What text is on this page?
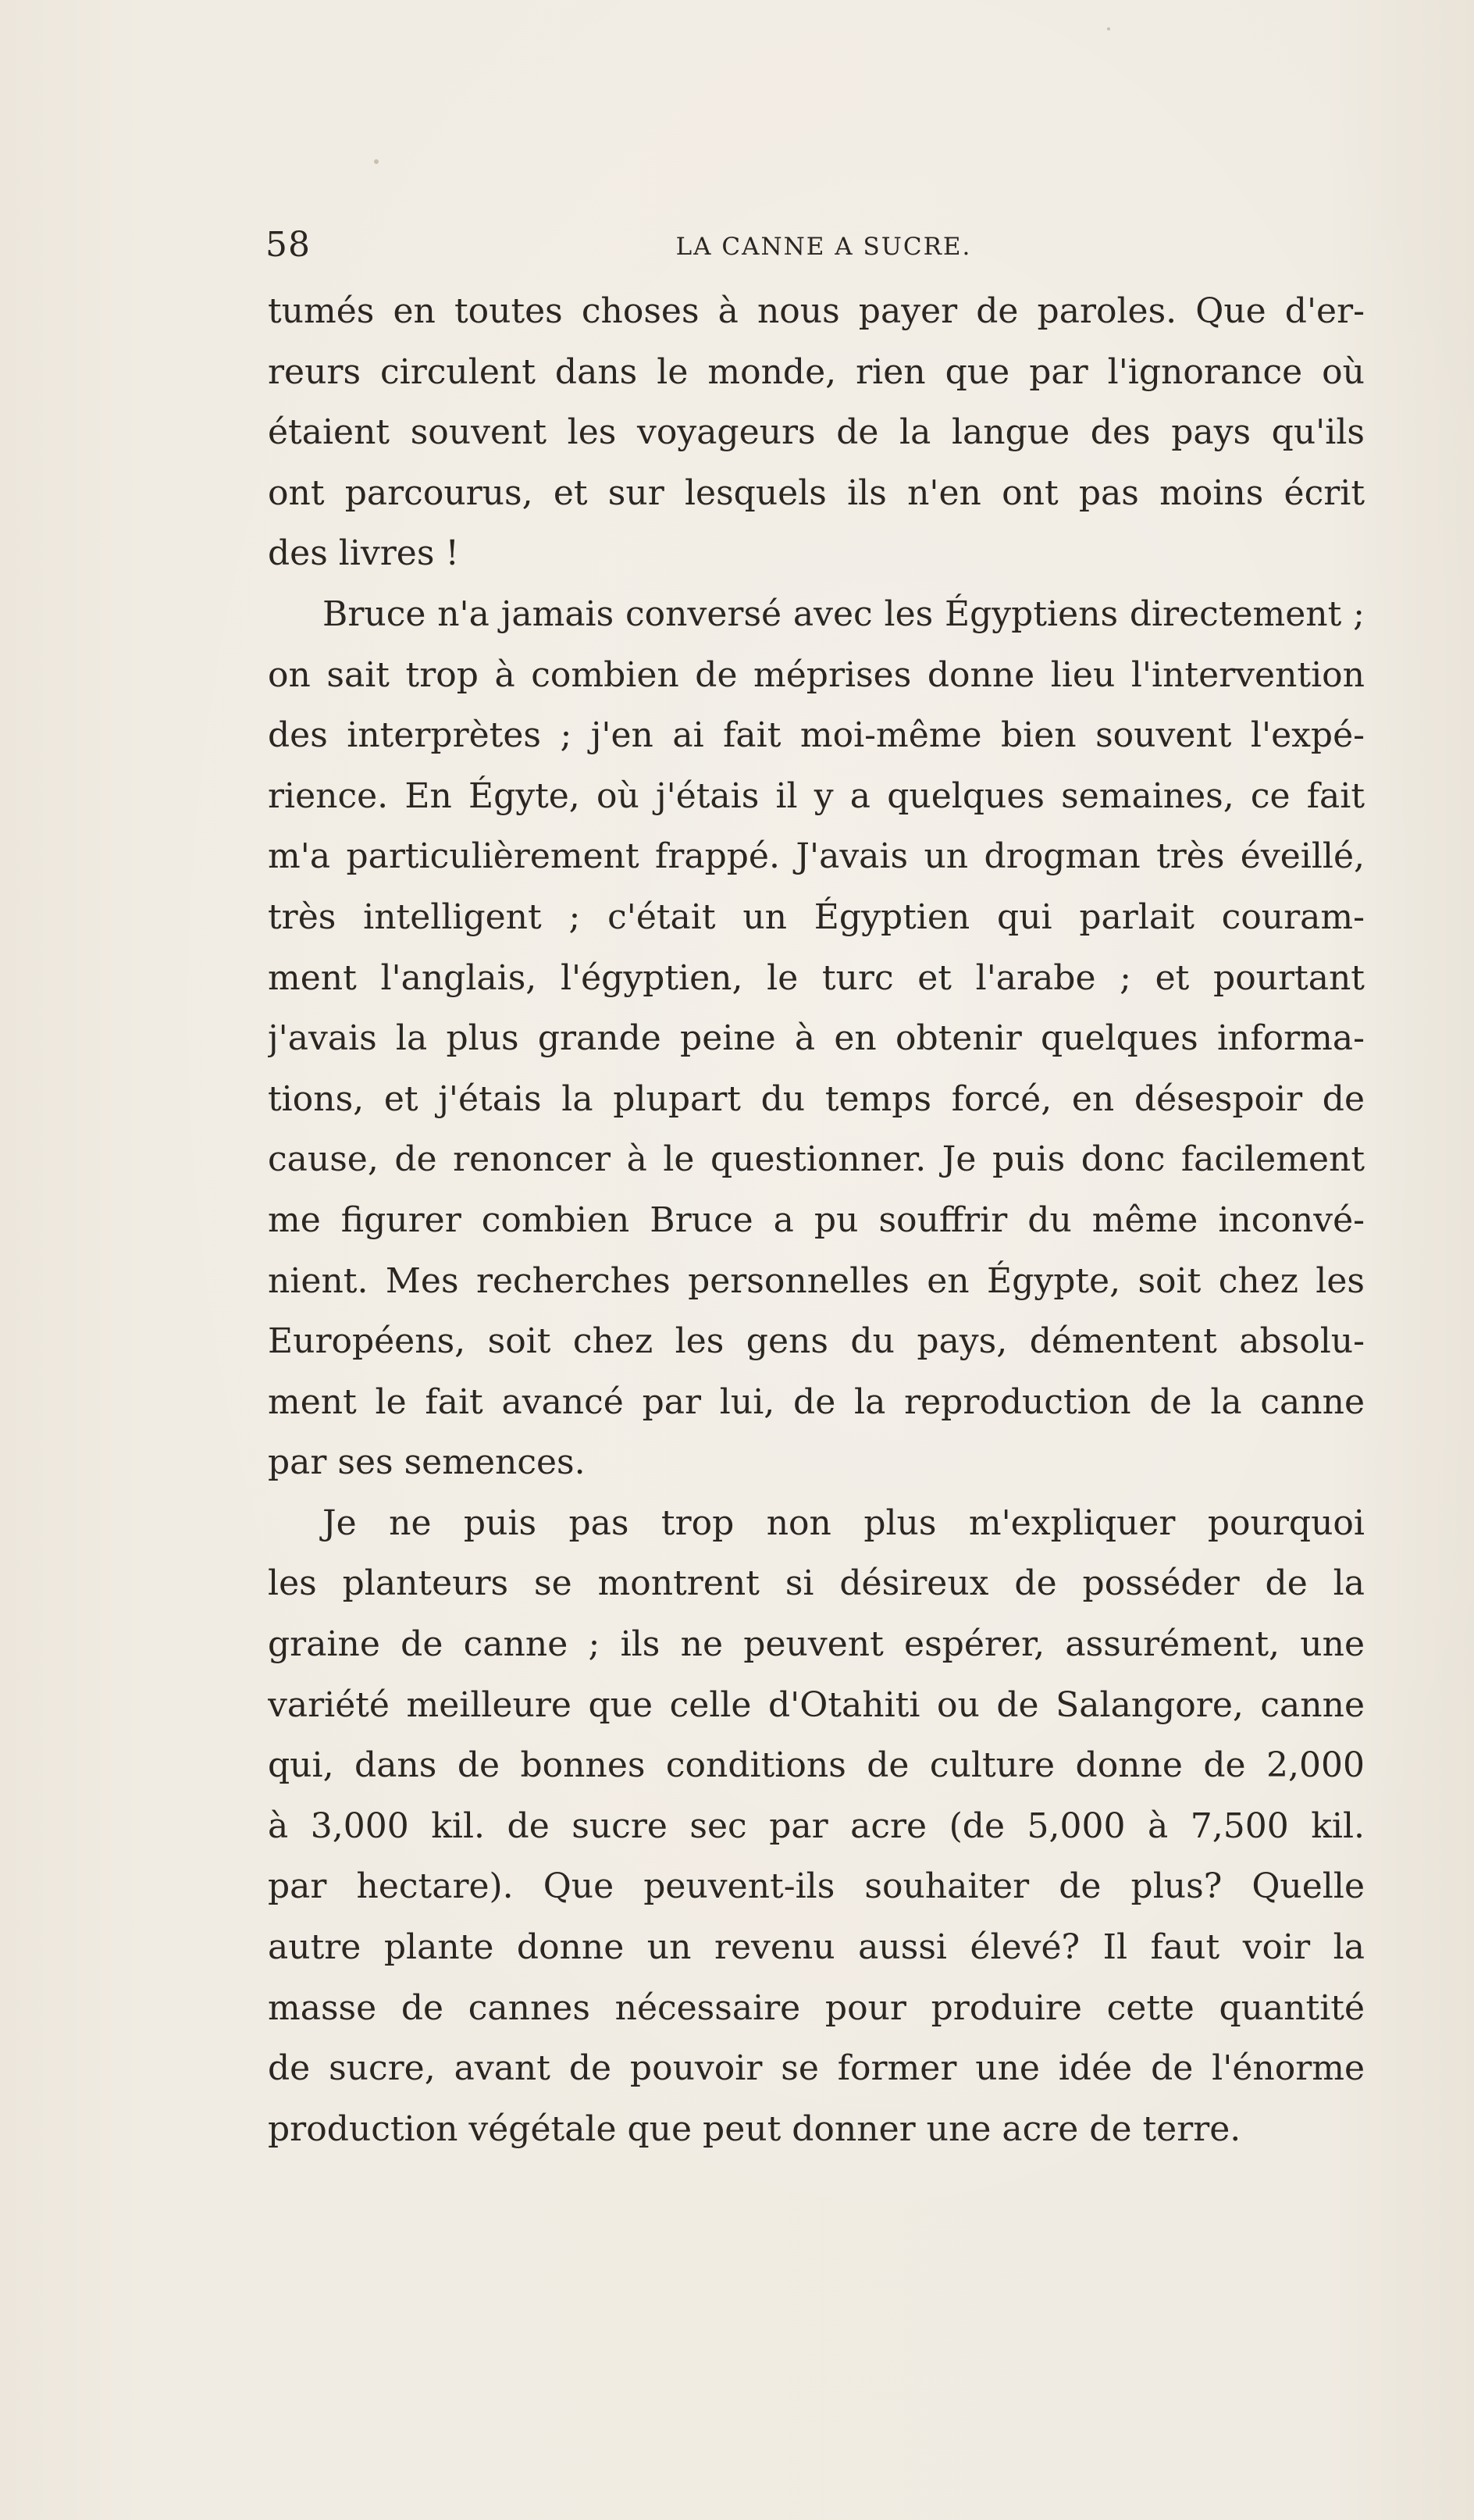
58	LA CANNE A SUCRE.
tumés en toutes choses à nous payer de paroles. Que d'er-
reurs circulent dans le monde, rien que par l'ignorance où
étaient souvent les voyageurs de la langue des pays qu'ils
ont parcourus, et sur lesquels ils n'en ont pas moins écrit
des livres !
Bruce n'a jamais conversé avec les Égyptiens directement ;
on sait trop à combien de méprises donne lieu l'intervention
des interprètes ; j'en ai fait moi-même bien souvent l'expé-
rience. En Égyte, où j'étais il y a quelques semaines, ce fait
m'a particulièrement frappé. J'avais un drogman très éveillé,
très intelligent ; c'était un Égyptien qui parlait couram-
ment l'anglais, l'égyptien, le turc et l'arabe ; et pourtant
j'avais la plus grande peine à en obtenir quelques informa-
tions, et j'étais la plupart du temps forcé, en désespoir de
cause, de renoncer à le questionner. Je puis donc facilement
me figurer combien Bruce a pu souffrir du même inconvé-
nient. Mes recherches personnelles en Égypte, soit chez les
Européens, soit chez les gens du pays, démentent absolu-
ment le fait avancé par lui, de la reproduction de la canne
par ses semences.
Je ne puis pas trop non plus m'expliquer pourquoi
les planteurs se montrent si désireux de posséder de la
graine de canne ; ils ne peuvent espérer, assurément, une
variété meilleure que celle d'Otahiti ou de Salangore, canne
qui, dans de bonnes conditions de culture donne de 2,000
à 3,000 kil. de sucre sec par acre (de 5,000 à 7,500 kil.
par hectare). Que peuvent-ils souhaiter de plus? Quelle
autre plante donne un revenu aussi élevé? Il faut voir la
masse de cannes nécessaire pour produire cette quantité
de sucre, avant de pouvoir se former une idée de l'énorme
production végétale que peut donner une acre de terre.
